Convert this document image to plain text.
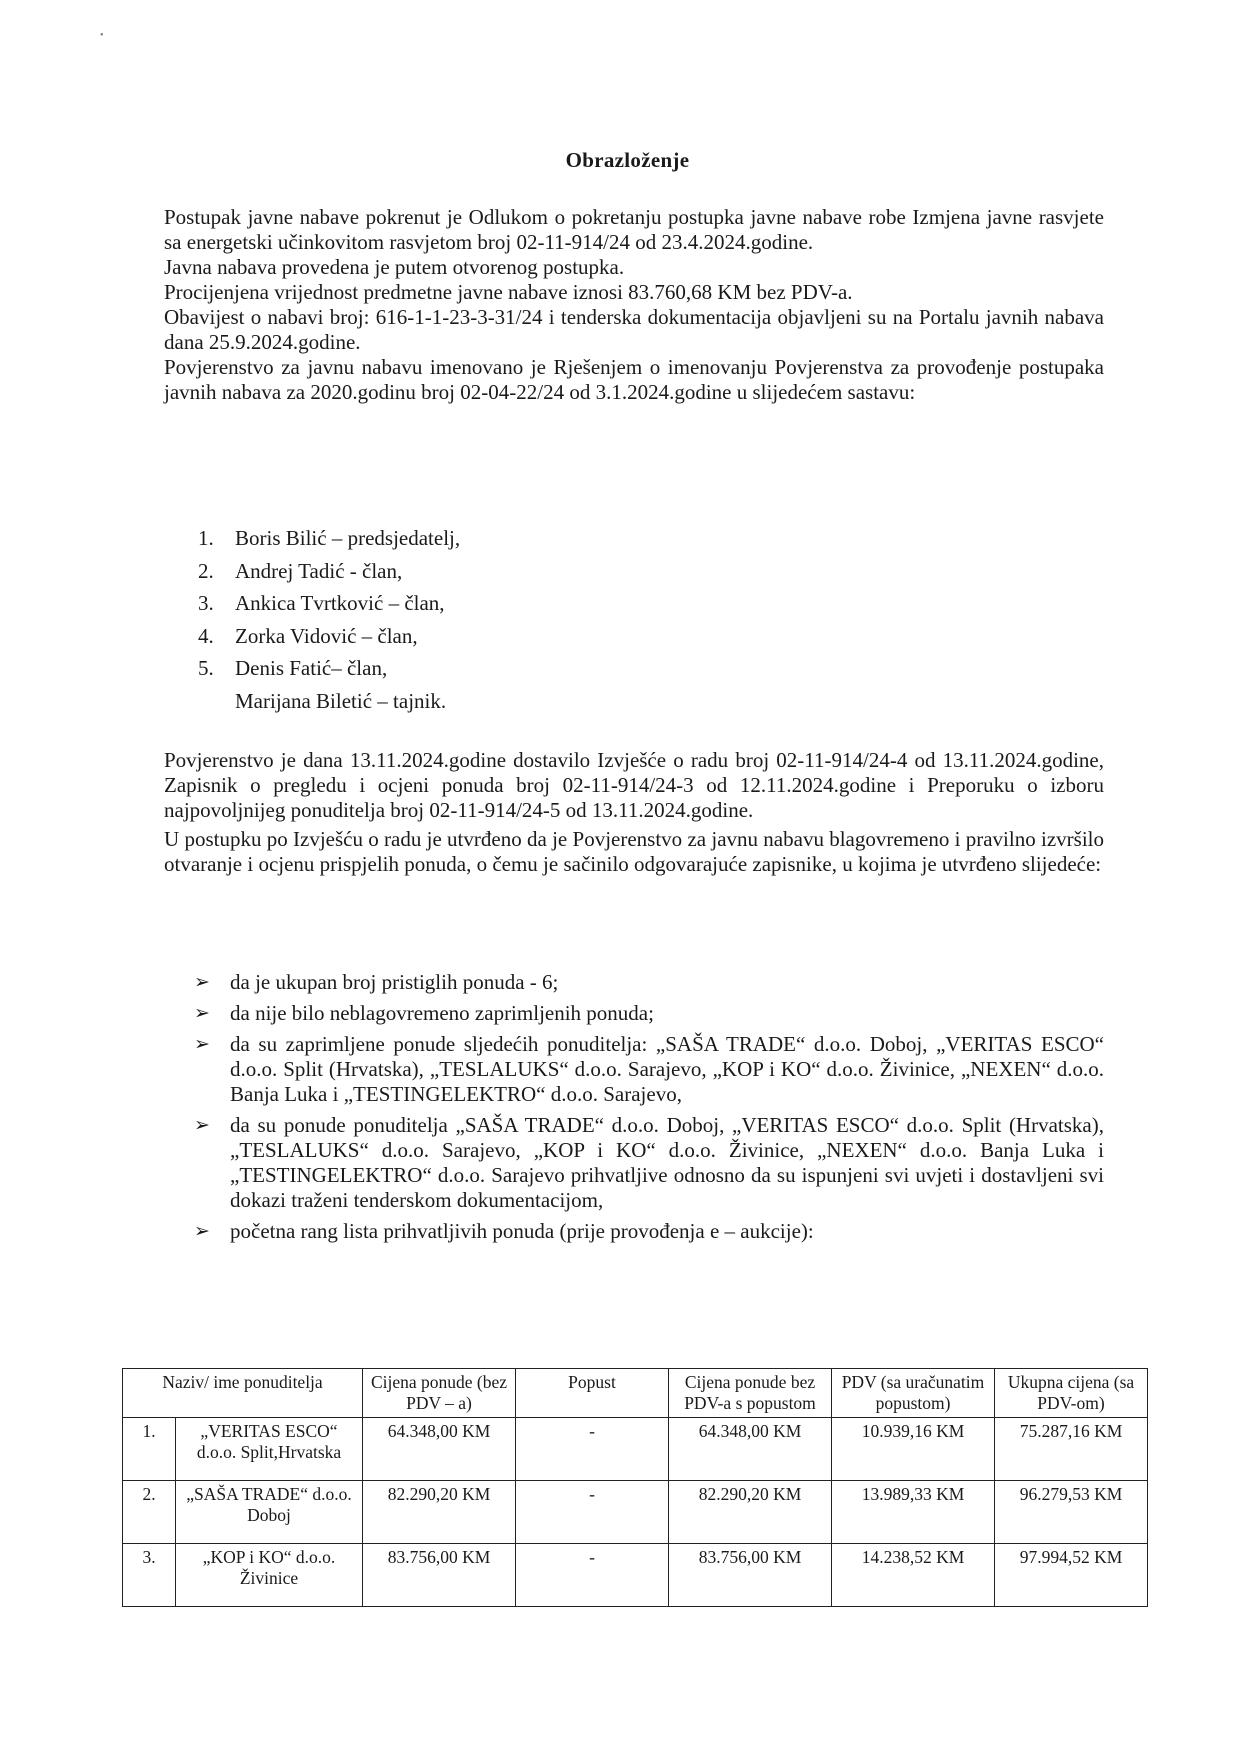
•
Obrazloženje

Postupak javne nabave pokrenut je Odlukom o pokretanju postupka javne nabave robe Izmjena javne rasvjete sa energetski učinkovitom rasvjetom broj 02-11-914/24 od 23.4.2024.godine.

Javna nabava provedena je putem otvorenog postupka.

Procijenjena vrijednost predmetne javne nabave iznosi 83.760,68 KM bez PDV-a.

Obavijest o nabavi broj: 616-1-1-23-3-31/24 i tenderska dokumentacija objavljeni su na Portalu javnih nabava dana 25.9.2024.godine.

Povjerenstvo za javnu nabavu imenovano je Rješenjem o imenovanju Povjerenstva za provođenje postupaka javnih nabava za 2020.godinu broj 02-04-22/24 od 3.1.2024.godine u slijedećem sastavu:

1. Boris Bilić – predsjedatelj,
2. Andrej Tadić - član,
3. Ankica Tvrtković – član,
4. Zorka Vidović – član,
5. Denis Fatić– član,
Marijana Biletić – tajnik.

Povjerenstvo je dana 13.11.2024.godine dostavilo Izvješće o radu broj 02-11-914/24-4 od 13.11.2024.godine, Zapisnik o pregledu i ocjeni ponuda broj 02-11-914/24-3 od 12.11.2024.godine i Preporuku o izboru najpovoljnijeg ponuditelja broj 02-11-914/24-5 od 13.11.2024.godine.

U postupku po Izvješću o radu je utvrđeno da je Povjerenstvo za javnu nabavu blagovremeno i pravilno izvršilo otvaranje i ocjenu prispjelih ponuda, o čemu je sačinilo odgovarajuće zapisnike, u kojima je utvrđeno slijedeće:

➢ da je ukupan broj pristiglih ponuda - 6;
➢ da nije bilo neblagovremeno zaprimljenih ponuda;
➢ da su zaprimljene ponude sljedećih ponuditelja: „SAŠA TRADE“ d.o.o. Doboj, „VERITAS ESCO“ d.o.o. Split (Hrvatska), „TESLALUKS“ d.o.o. Sarajevo, „KOP i KO“ d.o.o. Živinice, „NEXEN“ d.o.o. Banja Luka i „TESTINGELEKTRO“ d.o.o. Sarajevo,
➢ da su ponude ponuditelja „SAŠA TRADE“ d.o.o. Doboj, „VERITAS ESCO“ d.o.o. Split (Hrvatska), „TESLALUKS“ d.o.o. Sarajevo, „KOP i KO“ d.o.o. Živinice, „NEXEN“ d.o.o. Banja Luka i „TESTINGELEKTRO“ d.o.o. Sarajevo prihvatljive odnosno da su ispunjeni svi uvjeti i dostavljeni svi dokazi traženi tenderskom dokumentacijom,
➢ početna rang lista prihvatljivih ponuda (prije provođenja e – aukcije):
Naziv/ ime ponuditelja		Cijena ponude (bez PDV – a)	Popust	Cijena ponude bez PDV-a s popustom	PDV (sa uračunatim popustom)	Ukupna cijena (sa PDV-om)
1.	„VERITAS ESCO“ d.o.o. Split,Hrvatska	64.348,00 KM	-	64.348,00 KM	10.939,16 KM	75.287,16 KM
2.	„SAŠA TRADE“ d.o.o. Doboj	82.290,20 KM	-	82.290,20 KM	13.989,33 KM	96.279,53 KM
3.	„KOP i KO“ d.o.o. Živinice	83.756,00 KM	-	83.756,00 KM	14.238,52 KM	97.994,52 KM
